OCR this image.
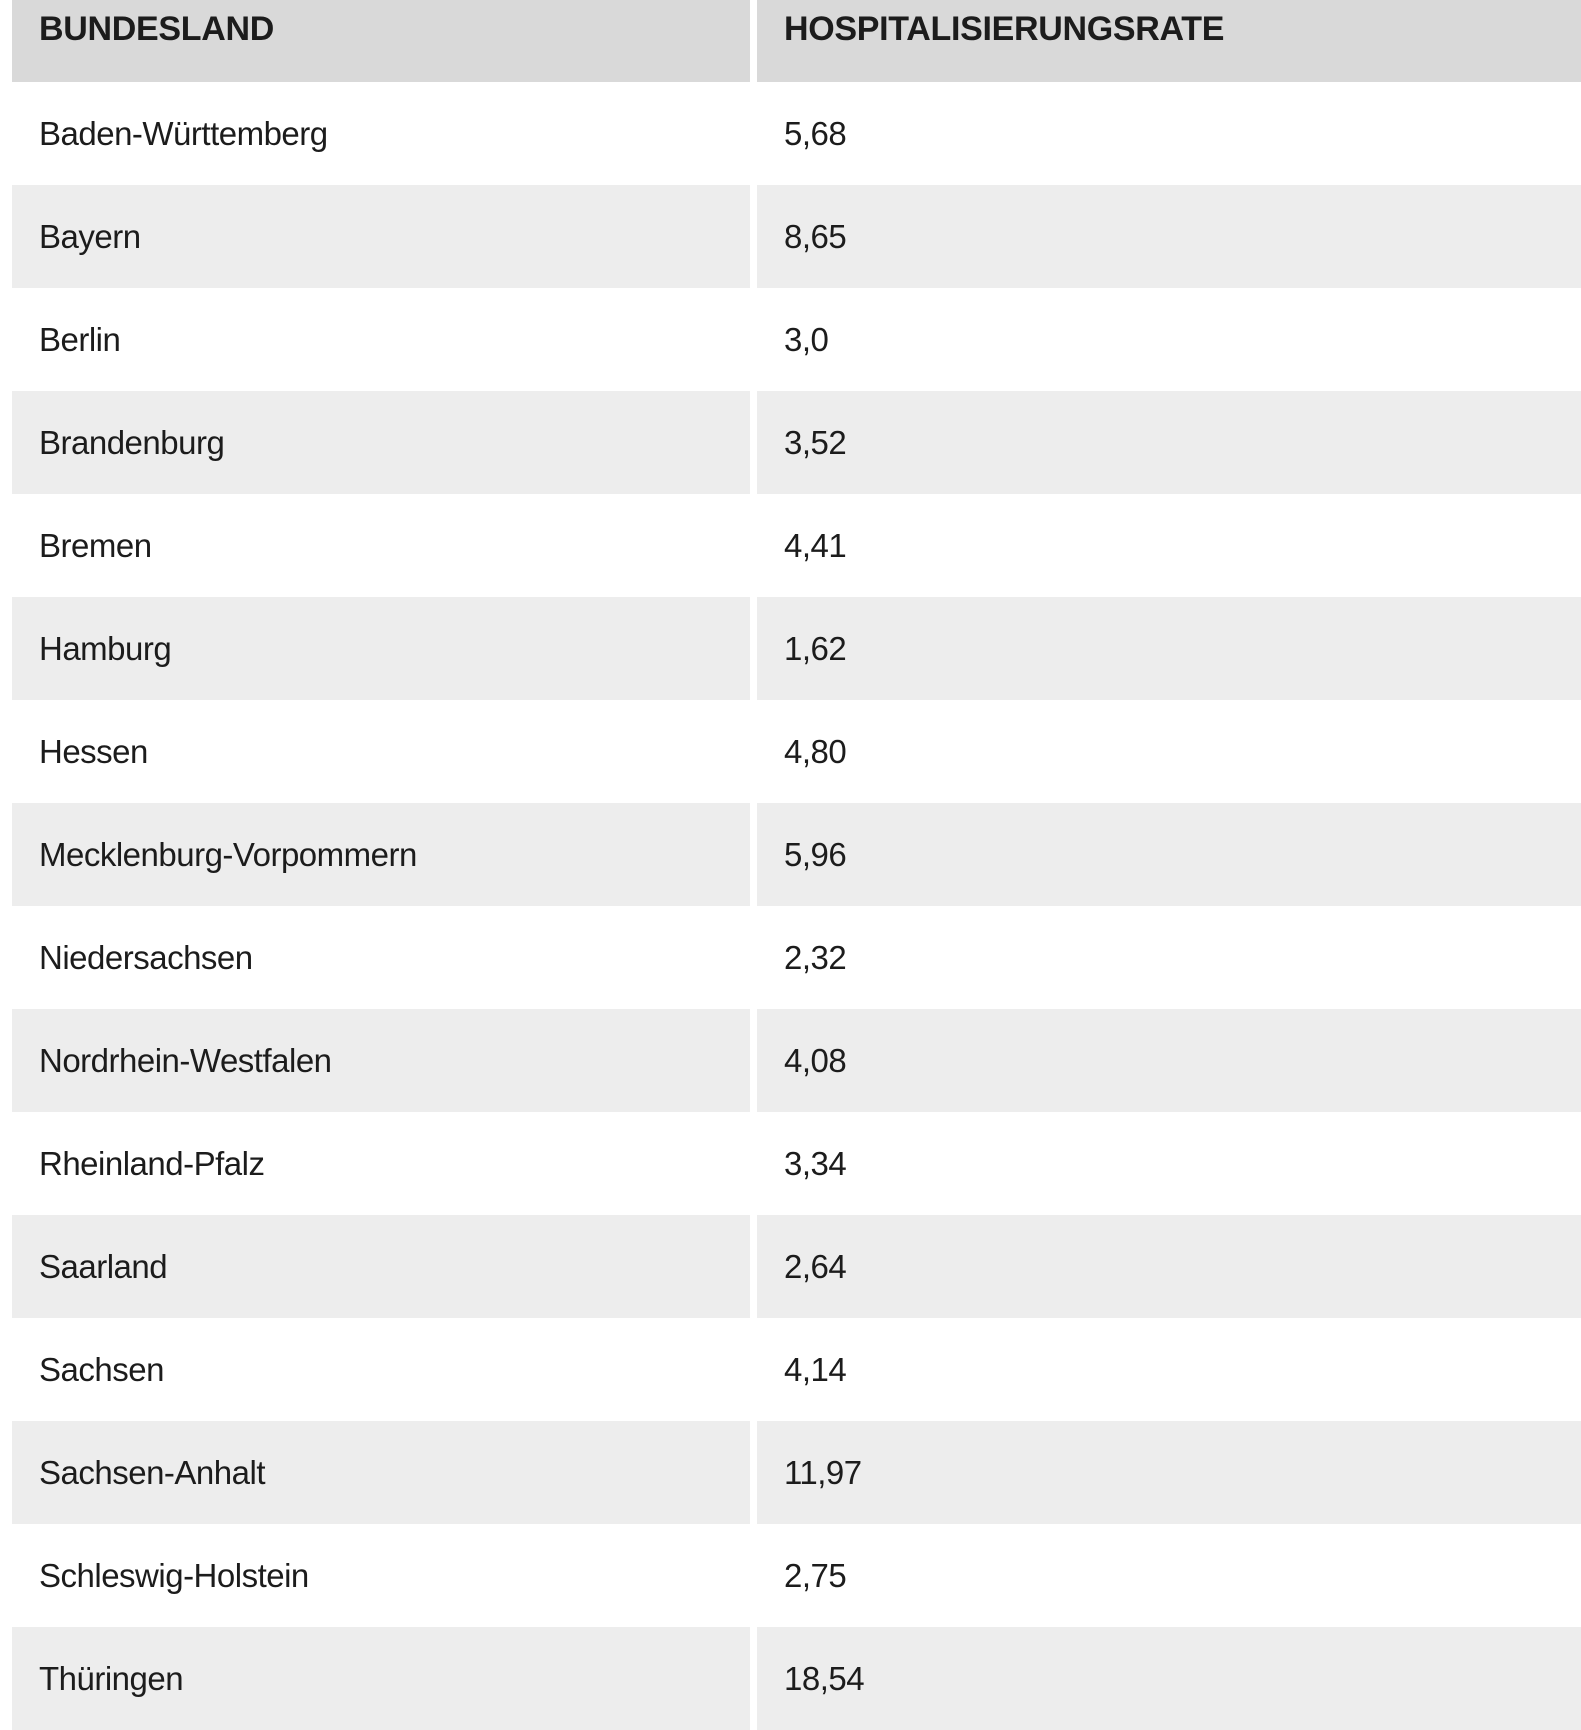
BUNDESLAND	HOSPITALISIERUNGSRATE
Baden-Württemberg	5,68
Bayern	8,65
Berlin	3,0
Brandenburg	3,52
Bremen	4,41
Hamburg	1,62
Hessen	4,80
Mecklenburg-Vorpommern	5,96
Niedersachsen	2,32
Nordrhein-Westfalen	4,08
Rheinland-Pfalz	3,34
Saarland	2,64
Sachsen	4,14
Sachsen-Anhalt	11,97
Schleswig-Holstein	2,75
Thüringen	18,54
